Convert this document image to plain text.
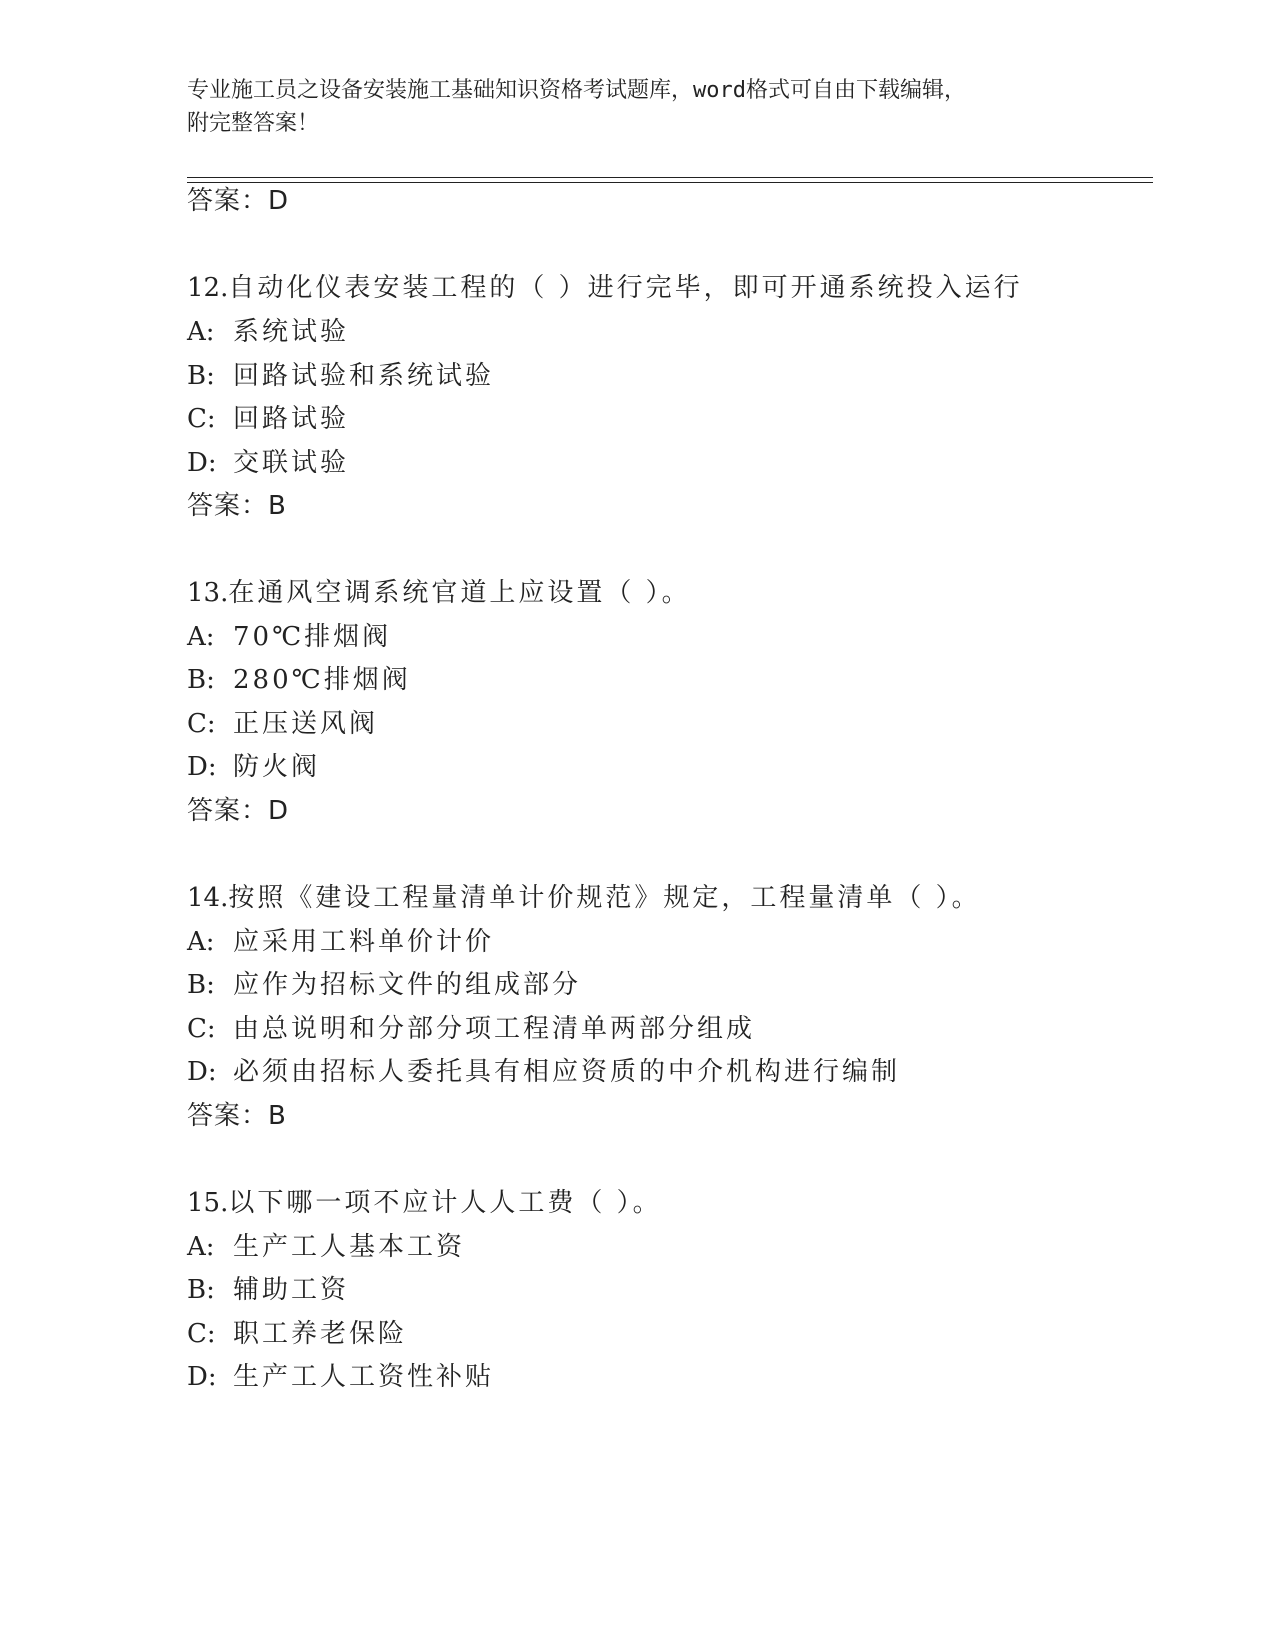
专业施工员之设备安装施工基础知识资格考试题库，word格式可自由下载编辑，
附完整答案！
答案：D
12.自动化仪表安装工程的（ ）进行完毕，即可开通系统投入运行
A: 系统试验
B: 回路试验和系统试验
C: 回路试验
D: 交联试验
答案：B
13.在通风空调系统官道上应设置（ ）。
A: 70℃排烟阀
B: 280℃排烟阀
C: 正压送风阀
D: 防火阀
答案：D
14.按照《建设工程量清单计价规范》规定，工程量清单（ ）。
A: 应采用工料单价计价
B: 应作为招标文件的组成部分
C: 由总说明和分部分项工程清单两部分组成
D: 必须由招标人委托具有相应资质的中介机构进行编制
答案：B
15.以下哪一项不应计人人工费（ ）。
A: 生产工人基本工资
B: 辅助工资
C: 职工养老保险
D: 生产工人工资性补贴
